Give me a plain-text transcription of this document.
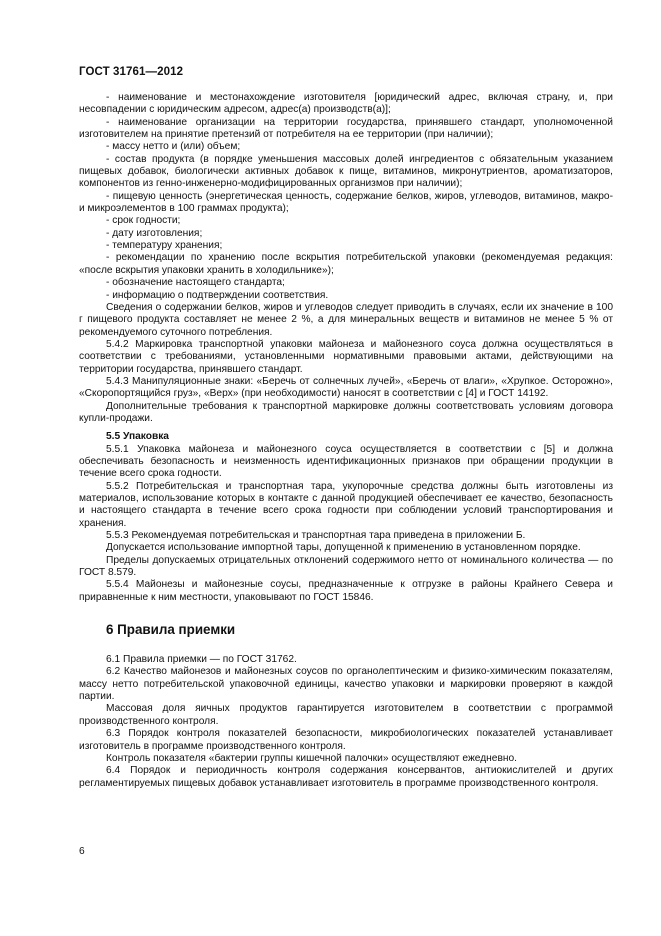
ГОСТ 31761—2012

- наименование и местонахождение изготовителя [юридический адрес, включая страну, и, при несовпадении с юридическим адресом, адрес(а) производств(а)];

- наименование организации на территории государства, принявшего стандарт, уполномоченной изготовителем на принятие претензий от потребителя на ее территории (при наличии);

- массу нетто и (или) объем;

- состав продукта (в порядке уменьшения массовых долей ингредиентов с обязательным указанием пищевых добавок, биологически активных добавок к пище, витаминов, микронутриентов, ароматизаторов, компонентов из генно-инженерно-модифицированных организмов при наличии);

- пищевую ценность (энергетическая ценность, содержание белков, жиров, углеводов, витаминов, макро- и микроэлементов в 100 граммах продукта);

- срок годности;

- дату изготовления;

- температуру хранения;

- рекомендации по хранению после вскрытия потребительской упаковки (рекомендуемая редакция: «после вскрытия упаковки хранить в холодильнике»);

- обозначение настоящего стандарта;

- информацию о подтверждении соответствия.

Сведения о содержании белков, жиров и углеводов следует приводить в случаях, если их значение в 100 г пищевого продукта составляет не менее 2 %, а для минеральных веществ и витаминов не менее 5 % от рекомендуемого суточного потребления.

5.4.2 Маркировка транспортной упаковки майонеза и майонезного соуса должна осуществляться в соответствии с требованиями, установленными нормативными правовыми актами, действующими на территории государства, принявшего стандарт.

5.4.3 Манипуляционные знаки: «Беречь от солнечных лучей», «Беречь от влаги», «Хрупкое. Осторожно», «Скоропортящийся груз», «Верх» (при необходимости) наносят в соответствии с [4] и ГОСТ 14192.

Дополнительные требования к транспортной маркировке должны соответствовать условиям договора купли-продажи.

5.5 Упаковка

5.5.1 Упаковка майонеза и майонезного соуса осуществляется в соответствии с [5] и должна обеспечивать безопасность и неизменность идентификационных признаков при обращении продукции в течение всего срока годности.

5.5.2 Потребительская и транспортная тара, укупорочные средства должны быть изготовлены из материалов, использование которых в контакте с данной продукцией обеспечивает ее качество, безопасность и настоящего стандарта в течение всего срока годности при соблюдении условий транспортирования и хранения.

5.5.3 Рекомендуемая потребительская и транспортная тара приведена в приложении Б.

Допускается использование импортной тары, допущенной к применению в установленном порядке.

Пределы допускаемых отрицательных отклонений содержимого нетто от номинального количества — по ГОСТ 8.579.

5.5.4 Майонезы и майонезные соусы, предназначенные к отгрузке в районы Крайнего Севера и приравненные к ним местности, упаковывают по ГОСТ 15846.

6 Правила приемки

6.1 Правила приемки — по ГОСТ 31762.

6.2 Качество майонезов и майонезных соусов по органолептическим и физико-химическим показателям, массу нетто потребительской упаковочной единицы, качество упаковки и маркировки проверяют в каждой партии.

Массовая доля яичных продуктов гарантируется изготовителем в соответствии с программой производственного контроля.

6.3 Порядок контроля показателей безопасности, микробиологических показателей устанавливает изготовитель в программе производственного контроля.

Контроль показателя «бактерии группы кишечной палочки» осуществляют ежедневно.

6.4 Порядок и периодичность контроля содержания консервантов, антиокислителей и других регламентируемых пищевых добавок устанавливает изготовитель в программе производственного контроля.

6
